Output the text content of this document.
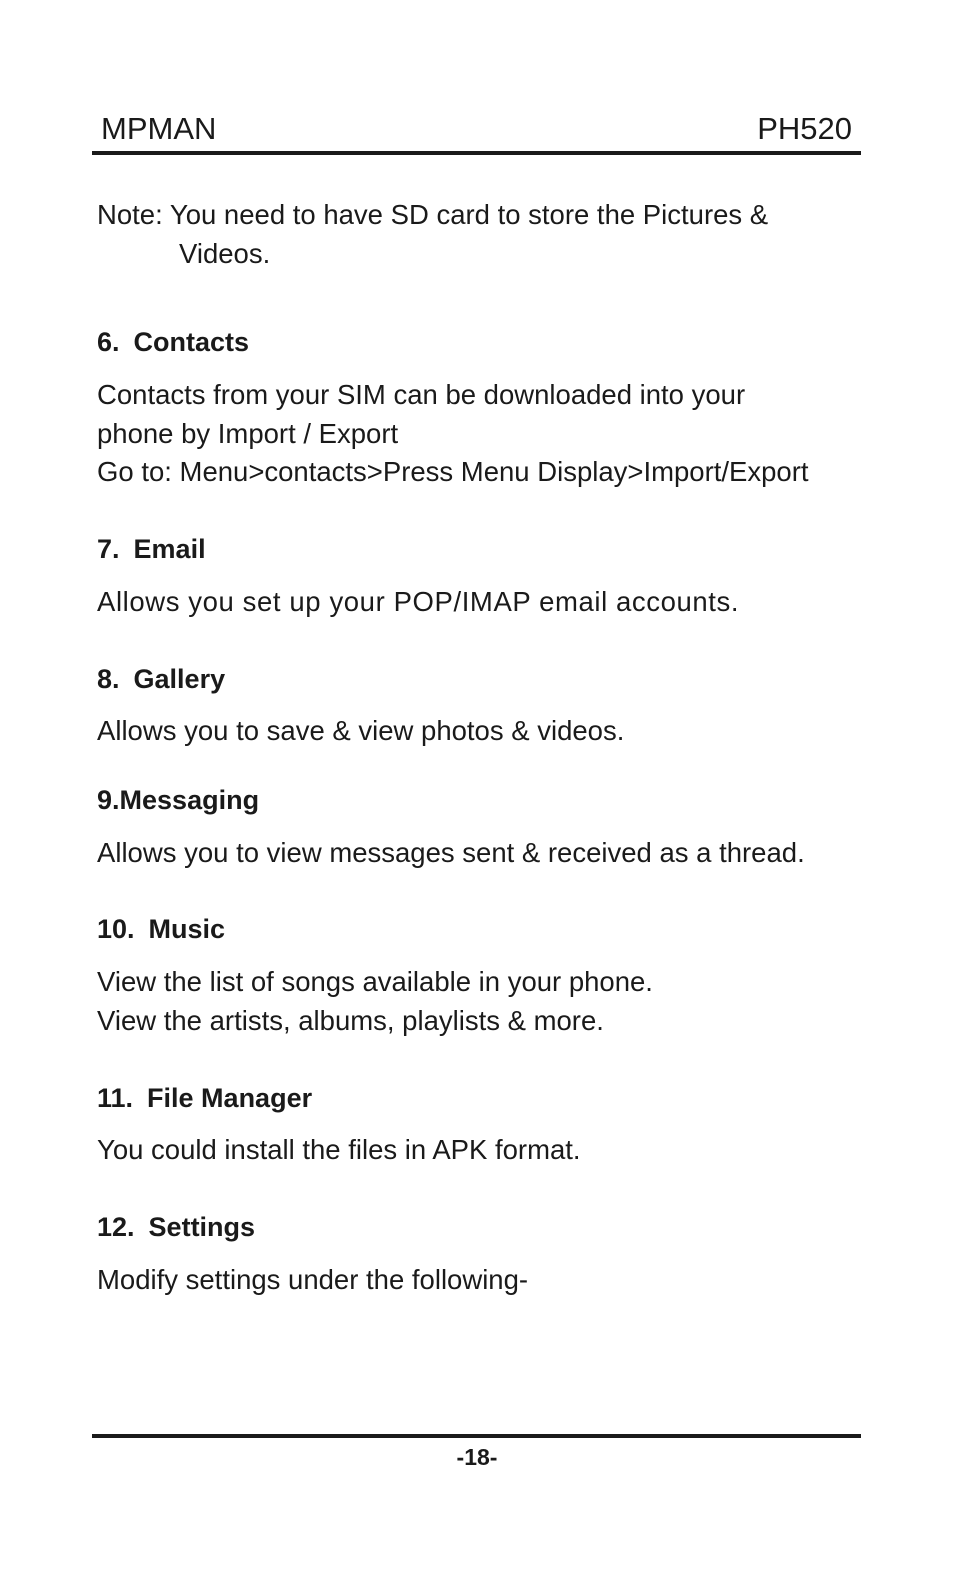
MPMAN	PH520
Note: You need to have SD card to store the Pictures &
Videos.
6. Contacts
Contacts from your SIM can be downloaded into your
phone by Import / Export
Go to: Menu>contacts>Press Menu Display>Import/Export
7. Email
Allows you set up your POP/IMAP email accounts.
8. Gallery
Allows you to save & view photos & videos.
9.Messaging
Allows you to view messages sent & received as a thread.
10. Music
View the list of songs available in your phone.
View the artists, albums, playlists & more.
11. File Manager
You could install the files in APK format.
12. Settings
Modify settings under the following-
-18-
